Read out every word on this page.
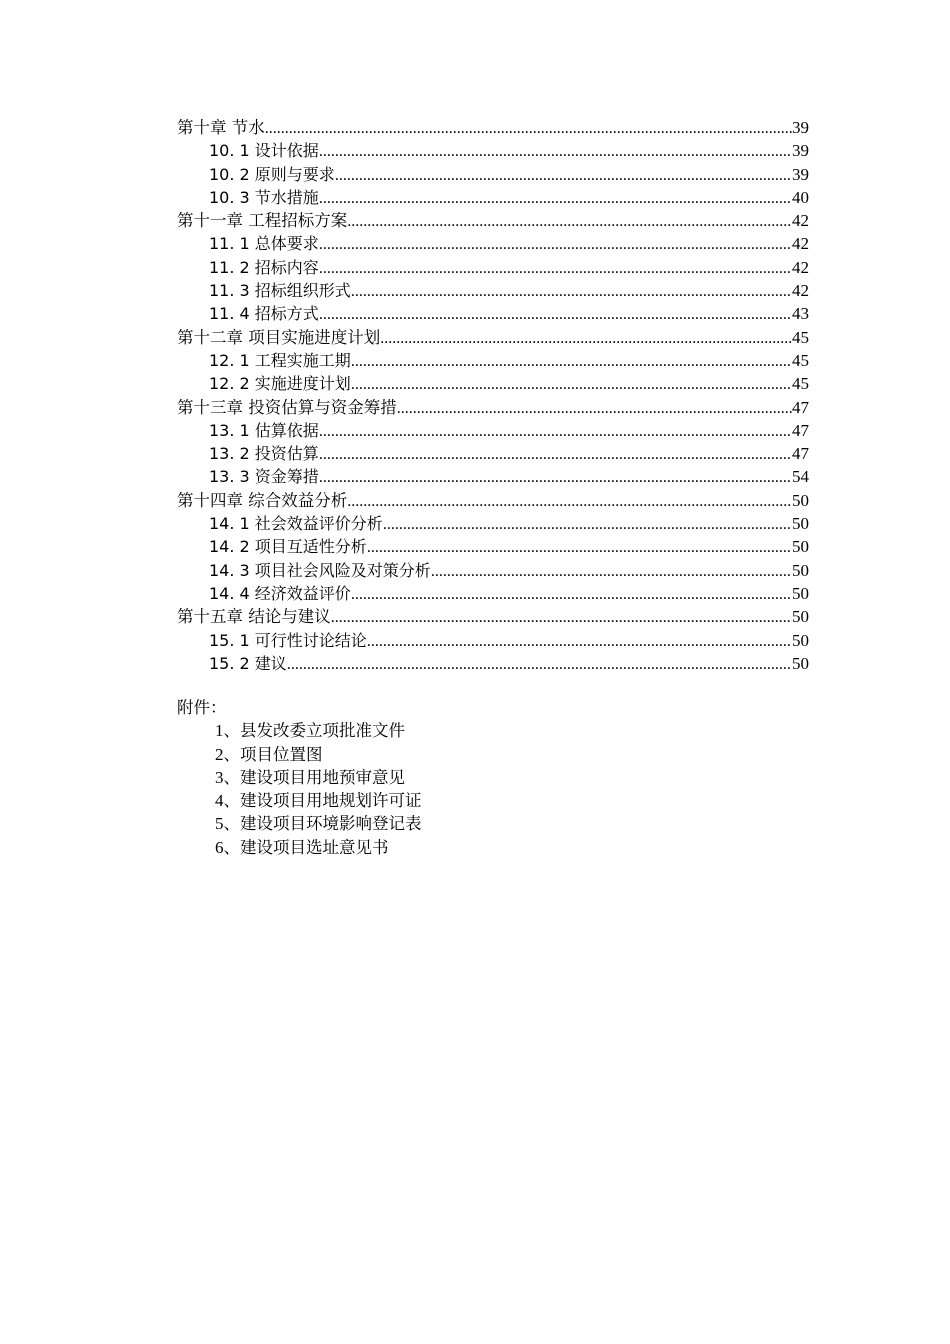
第十章 节水 .....	39
10. 1 设计依据 .....	39
10. 2 原则与要求 .....	39
10. 3 节水措施 .....	40
第十一章 工程招标方案 .....	42
11. 1 总体要求 .....	42
11. 2 招标内容 .....	42
11. 3 招标组织形式 .....	42
11. 4 招标方式 .....	43
第十二章 项目实施进度计划 .....	45
12. 1 工程实施工期 .....	45
12. 2 实施进度计划 .....	45
第十三章 投资估算与资金筹措 .....	47
13. 1 估算依据 .....	47
13. 2 投资估算 .....	47
13. 3 资金筹措 .....	54
第十四章 综合效益分析 .....	50
14. 1 社会效益评价分析 .....	50
14. 2 项目互适性分析 .....	50
14. 3 项目社会风险及对策分析 .....	50
14. 4 经济效益评价 .....	50
第十五章 结论与建议 .....	50
15. 1 可行性讨论结论 .....	50
15. 2 建议 .....	50
附件：
1、县发改委立项批准文件
2、项目位置图
3、建设项目用地预审意见
4、建设项目用地规划许可证
5、建设项目环境影响登记表
6、建设项目选址意见书
